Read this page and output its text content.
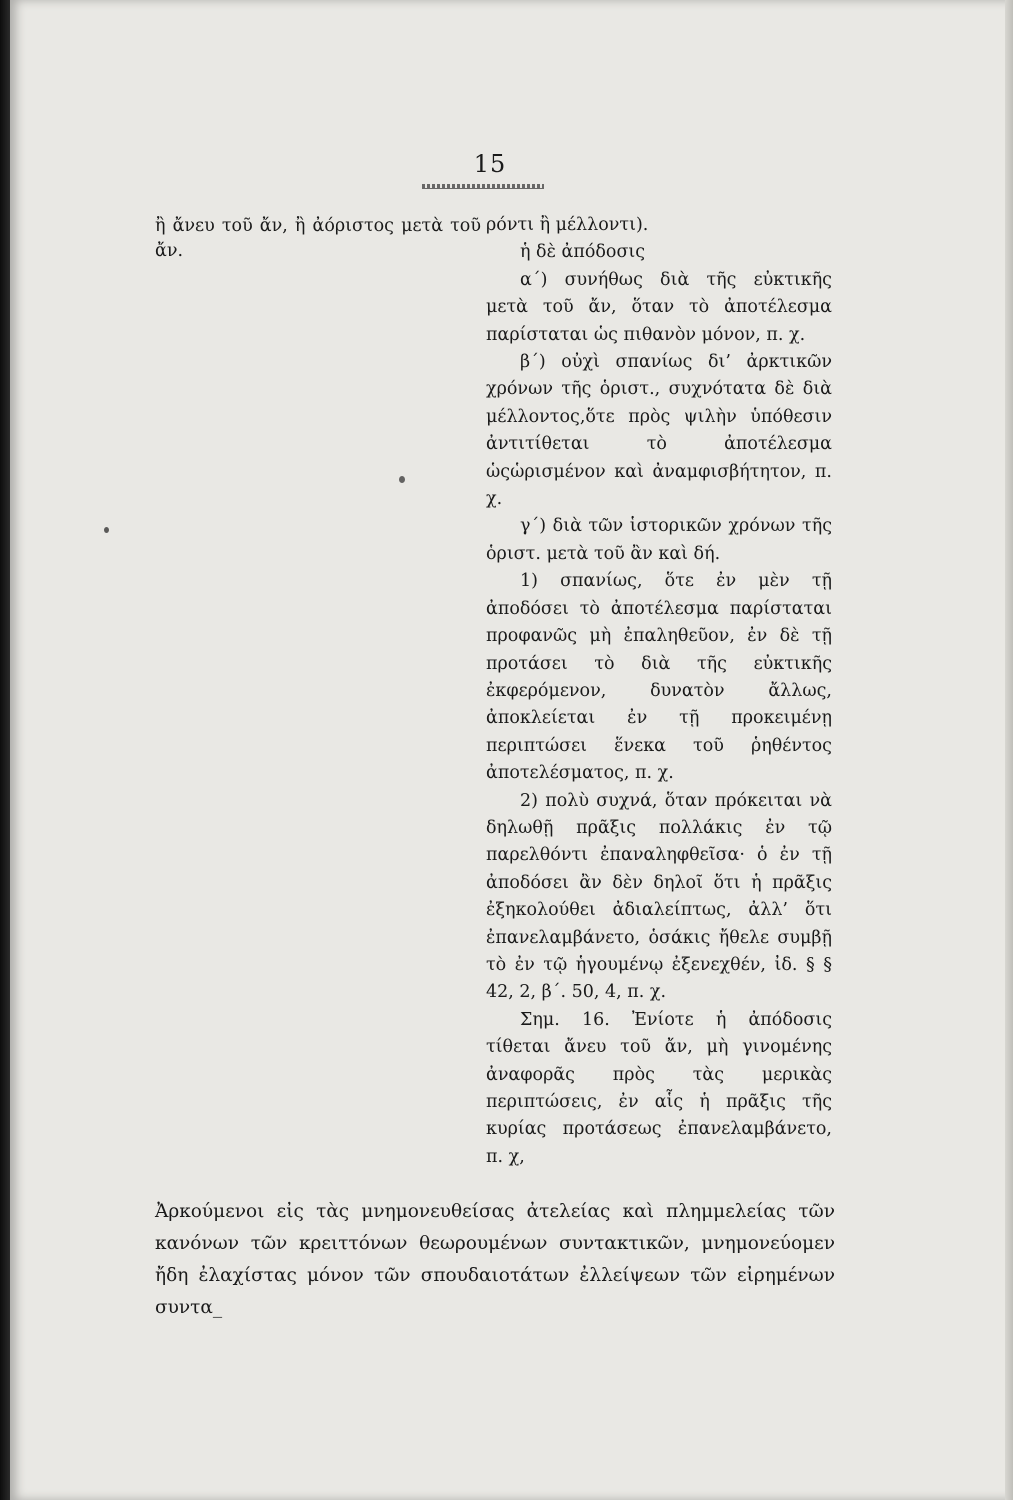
15

ἢ ἄνευ τοῦ ἄν, ἢ ἀόριστος μετὰ τοῦ ἄν.

ρόντι ἢ μέλλοντι).

ἡ δὲ ἀπόδοσις

α΄) συνήθως διὰ τῆς εὐκτικῆς μετὰ τοῦ ἄν, ὅταν τὸ ἀποτέλεσμα παρίσταται ὡς πιθανὸν μόνον, π. χ.

β΄) οὐχὶ σπανίως δι’ ἀρκτικῶν χρόνων τῆς ὁριστ., συχνότατα δὲ διὰ μέλλοντος,ὅτε πρὸς ψιλὴν ὑπόθεσιν ἀντιτίθεται τὸ ἀποτέλεσμα ὡςὡρισμένον καὶ ἀναμφισβήτητον, π. χ.

γ΄) διὰ τῶν ἱστορικῶν χρόνων τῆς ὁριστ. μετὰ τοῦ ἂν καὶ δή.

1) σπανίως, ὅτε ἐν μὲν τῇ ἀποδόσει τὸ ἀποτέλεσμα παρίσταται προφανῶς μὴ ἐπαληθεῦον, ἐν δὲ τῇ προτάσει τὸ διὰ τῆς εὐκτικῆς ἐκφερόμενον, δυνατὸν ἄλλως, ἀποκλείεται ἐν τῇ προκειμένῃ περιπτώσει ἕνεκα τοῦ ῥηθέντος ἀποτελέσματος, π. χ.

2) πολὺ συχνά, ὅταν πρόκειται νὰ δηλωθῇ πρᾶξις πολλάκις ἐν τῷ παρελθόντι ἐπαναληφθεῖσα· ὁ ἐν τῇ ἀποδόσει ἂν δὲν δηλοῖ ὅτι ἡ πρᾶξις ἐξηκολούθει ἀδιαλείπτως, ἀλλ’ ὅτι ἐπανελαμβάνετο, ὁσάκις ἤθελε συμβῇ τὸ ἐν τῷ ἡγουμένῳ ἐξενεχθέν, ἰδ. § § 42, 2, β΄. 50, 4, π. χ.

Σημ. 16. Ἐνίοτε ἡ ἀπόδοσις τίθεται ἄνευ τοῦ ἄν, μὴ γινομένης ἀναφορᾶς πρὸς τὰς μερικὰς περιπτώσεις, ἐν αἷς ἡ πρᾶξις τῆς κυρίας προτάσεως ἐπανελαμβάνετο, π. χ,

Ἀρκούμενοι εἰς τὰς μνημονευθείσας ἀτελείας καὶ πλημμελείας τῶν κανόνων τῶν κρειττόνων θεωρουμένων συντακτικῶν, μνημονεύομεν ἤδη ἐλαχίστας μόνον τῶν σπουδαιοτάτων ἐλλείψεων τῶν εἰρημένων συντα_
